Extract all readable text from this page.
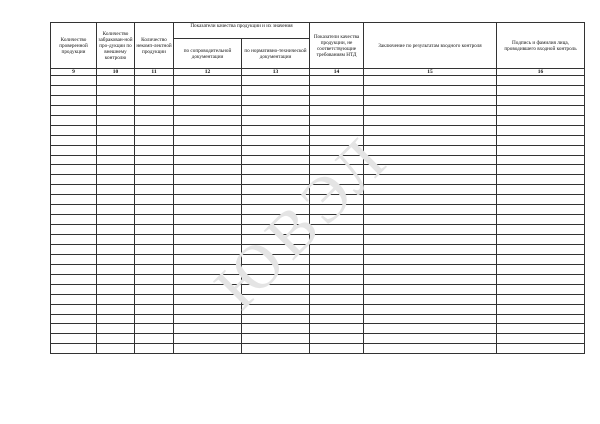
Количество проверенной продукции	Количество забракован-ной про-дукции по внешнему контролю	Количество некомп-лектной продукции	Показатели качества продукции и их значения		Показатели качества продукции, не соответствующие требованиям НТД	Заключение по результатам входного контроля	Подпись и фамилия лица, проводившего входной контроль
			по сопроводительной документации	по нормативно-технической документации			
9	10	11	12	13	14	15	16

ЮВЭЛ
